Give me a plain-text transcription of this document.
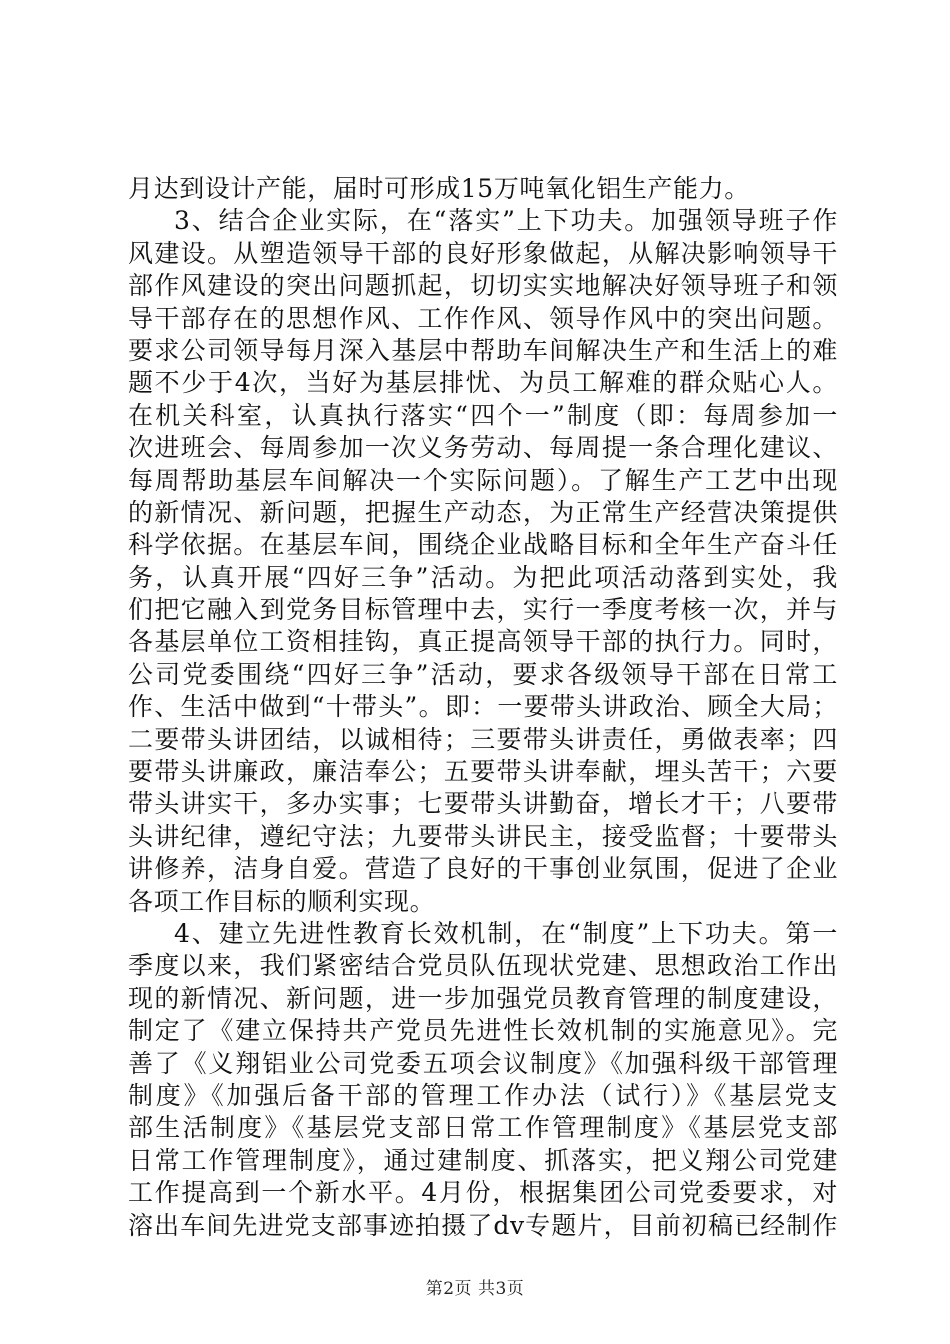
月达到设计产能，届时可形成15万吨氧化铝生产能力。
3、结合企业实际，在“落实”上下功夫。加强领导班子作
风建设。从塑造领导干部的良好形象做起，从解决影响领导干
部作风建设的突出问题抓起，切切实实地解决好领导班子和领
导干部存在的思想作风、工作作风、领导作风中的突出问题。
要求公司领导每月深入基层中帮助车间解决生产和生活上的难
题不少于4次，当好为基层排忧、为员工解难的群众贴心人。
在机关科室，认真执行落实“四个一”制度（即：每周参加一
次进班会、每周参加一次义务劳动、每周提一条合理化建议、
每周帮助基层车间解决一个实际问题）。了解生产工艺中出现
的新情况、新问题，把握生产动态，为正常生产经营决策提供
科学依据。在基层车间，围绕企业战略目标和全年生产奋斗任
务，认真开展“四好三争”活动。为把此项活动落到实处，我
们把它融入到党务目标管理中去，实行一季度考核一次，并与
各基层单位工资相挂钩，真正提高领导干部的执行力。同时，
公司党委围绕“四好三争”活动，要求各级领导干部在日常工
作、生活中做到“十带头”。即：一要带头讲政治、顾全大局；
二要带头讲团结，以诚相待；三要带头讲责任，勇做表率；四
要带头讲廉政，廉洁奉公；五要带头讲奉献，埋头苦干；六要
带头讲实干，多办实事；七要带头讲勤奋，增长才干；八要带
头讲纪律，遵纪守法；九要带头讲民主，接受监督；十要带头
讲修养，洁身自爱。营造了良好的干事创业氛围，促进了企业
各项工作目标的顺利实现。
4、建立先进性教育长效机制，在“制度”上下功夫。第一
季度以来，我们紧密结合党员队伍现状党建、思想政治工作出
现的新情况、新问题，进一步加强党员教育管理的制度建设，
制定了《建立保持共产党员先进性长效机制的实施意见》。完
善了《义翔铝业公司党委五项会议制度》《加强科级干部管理
制度》《加强后备干部的管理工作办法（试行）》《基层党支
部生活制度》《基层党支部日常工作管理制度》《基层党支部
日常工作管理制度》，通过建制度、抓落实，把义翔公司党建
工作提高到一个新水平。4月份，根据集团公司党委要求，对
溶出车间先进党支部事迹拍摄了dv专题片，目前初稿已经制作
第2页 共3页
